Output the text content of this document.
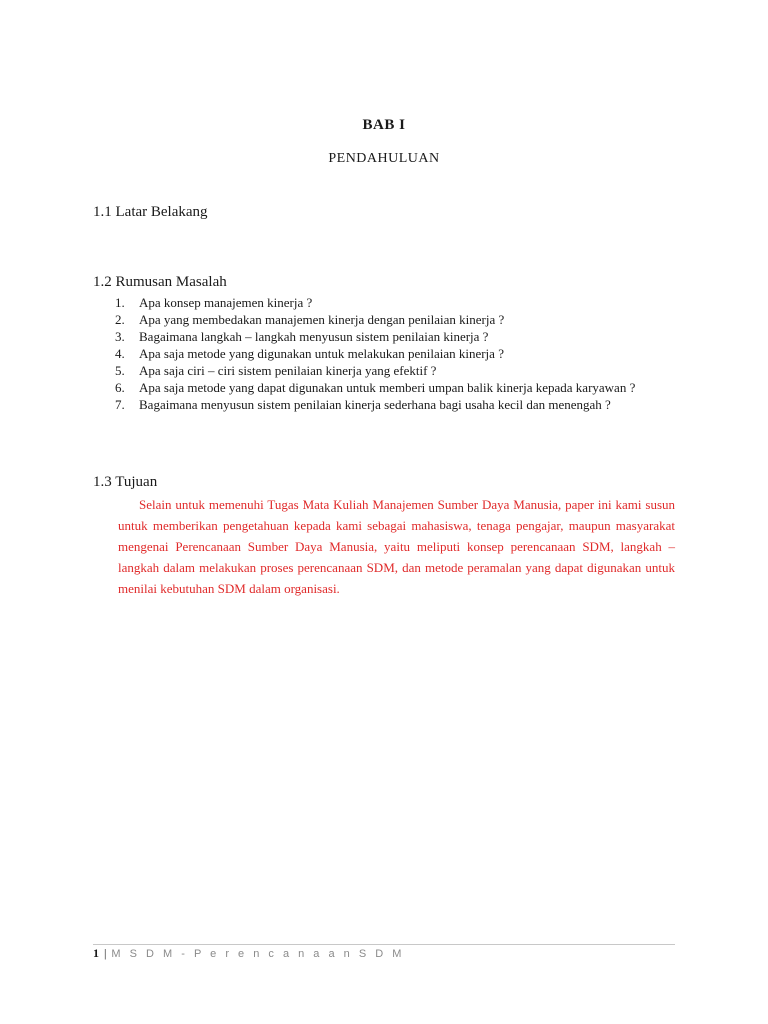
BAB I
PENDAHULUAN
1.1 Latar Belakang
1.2 Rumusan Masalah
1.	Apa konsep manajemen kinerja ?
2.	Apa yang membedakan manajemen kinerja dengan penilaian kinerja ?
3.	Bagaimana langkah – langkah menyusun sistem penilaian kinerja ?
4.	Apa saja metode yang digunakan untuk melakukan penilaian kinerja ?
5.	Apa saja ciri – ciri sistem penilaian kinerja yang efektif ?
6.	Apa saja metode yang dapat digunakan untuk memberi umpan balik kinerja kepada karyawan ?
7.	Bagaimana menyusun sistem penilaian kinerja sederhana bagi usaha kecil dan menengah ?
1.3 Tujuan

Selain untuk memenuhi Tugas Mata Kuliah Manajemen Sumber Daya Manusia, paper ini kami susun untuk memberikan pengetahuan kepada kami sebagai mahasiswa, tenaga pengajar, maupun masyarakat mengenai Perencanaan Sumber Daya Manusia, yaitu meliputi konsep perencanaan SDM, langkah – langkah dalam melakukan proses perencanaan SDM, dan metode peramalan yang dapat digunakan untuk menilai kebutuhan SDM dalam organisasi.

1 | M S D M - P e r e n c a n a a n S D M
